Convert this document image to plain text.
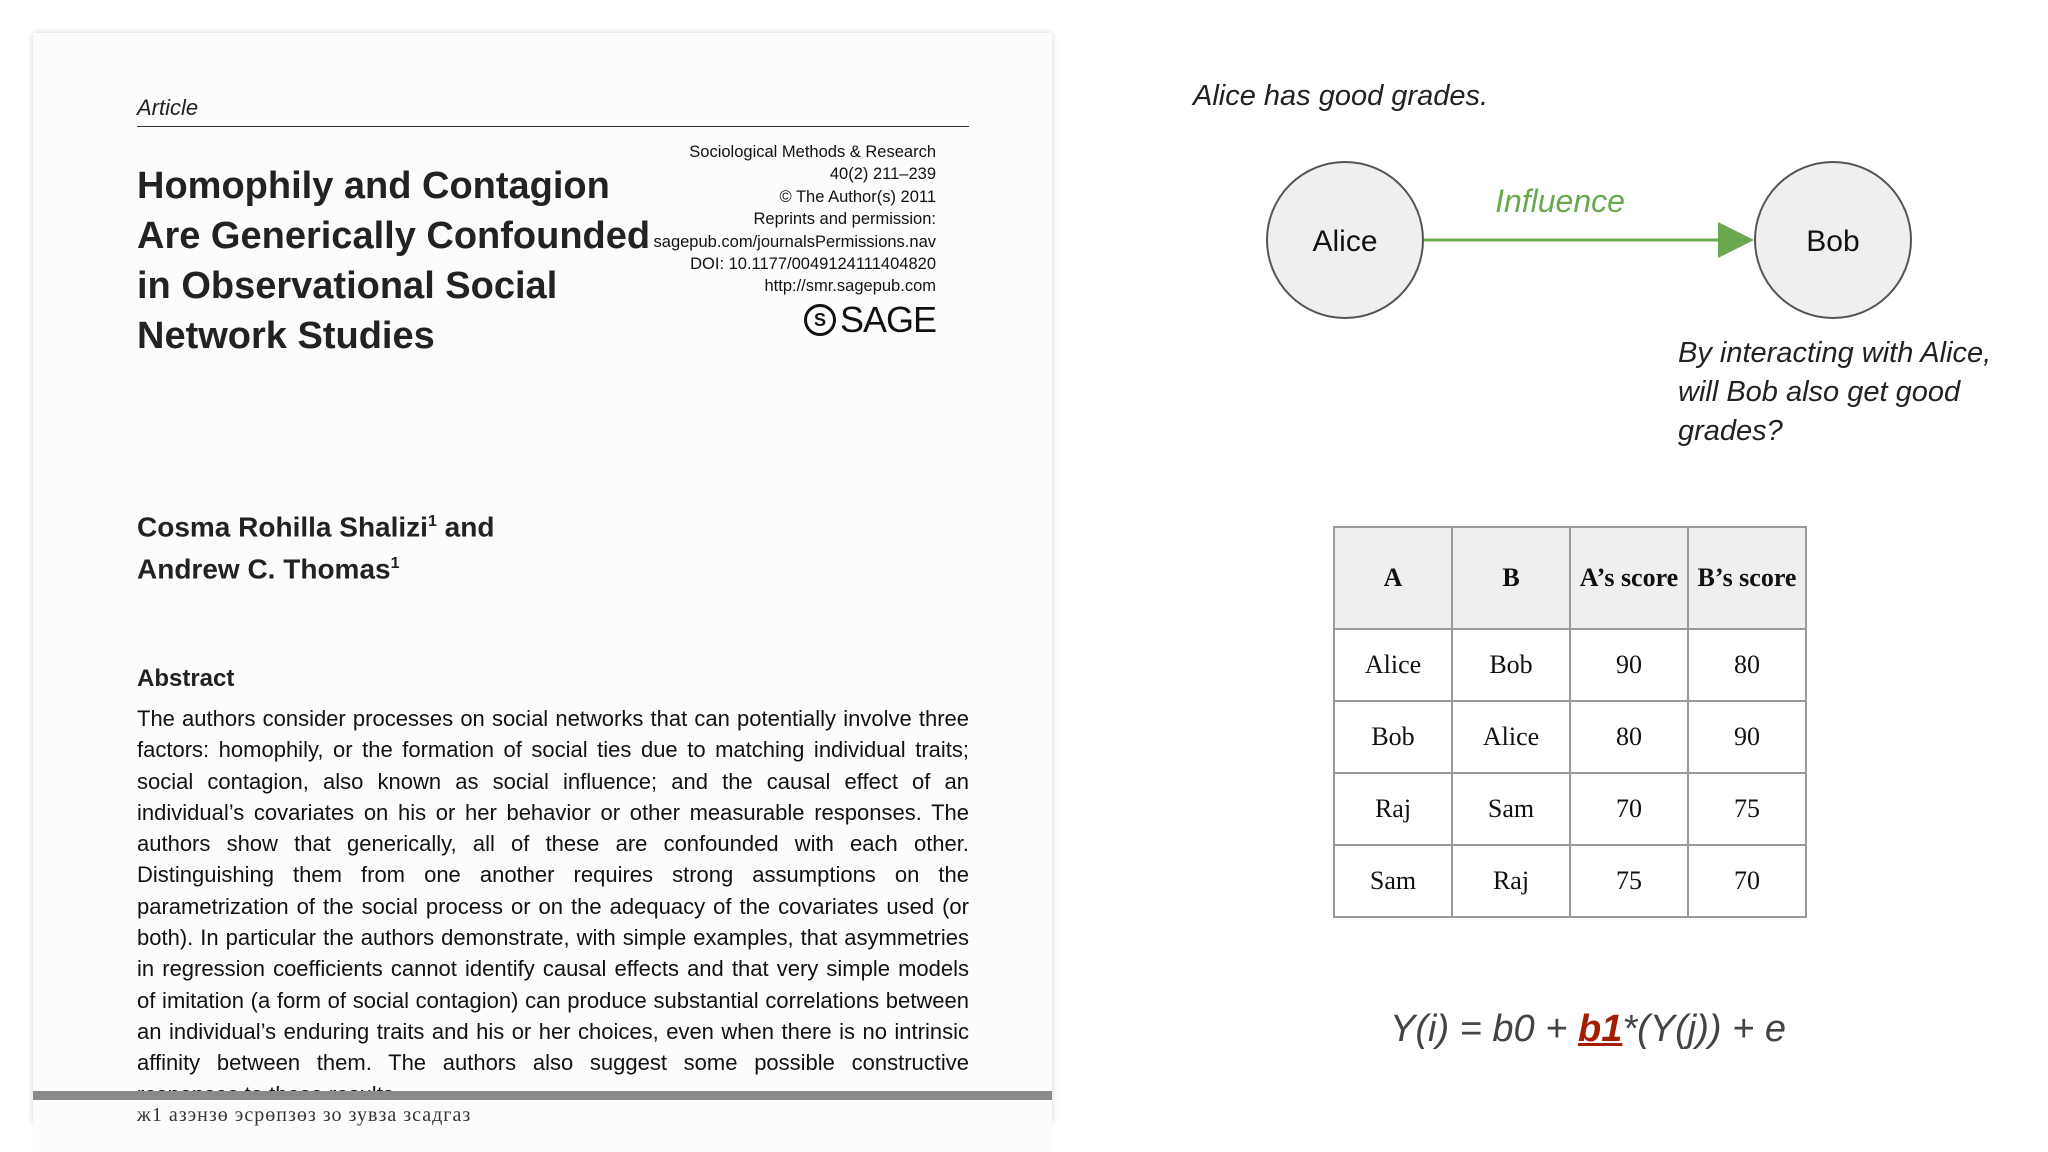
Article
Sociological Methods & Research
40(2) 211–239
© The Author(s) 2011
Reprints and permission:
sagepub.com/journalsPermissions.nav
DOI: 10.1177/0049124111404820
http://smr.sagepub.com
S SAGE
Homophily and Contagion Are Generically Confounded in Observational Social Network Studies
Cosma Rohilla Shalizi$^1$ and
Andrew C. Thomas$^1$
Abstract
The authors consider processes on social networks that can potentially involve three factors: homophily, or the formation of social ties due to matching individual traits; social contagion, also known as social influence; and the causal effect of an individual’s covariates on his or her behavior or other measurable responses. The authors show that generically, all of these are confounded with each other. Distinguishing them from one another requires strong assumptions on the parametrization of the social process or on the adequacy of the covariates used (or both). In particular the authors demonstrate, with simple examples, that asymmetries in regression coefficients cannot identify causal effects and that very simple models of imitation (a form of social contagion) can produce substantial correlations between an individual’s enduring traits and his or her choices, even when there is no intrinsic affinity between them. The authors also suggest some possible constructive
ж1 азэнзө эсрөпзөз зо зувза зсадгаз
Alice has good grades.
Influence
Alice	Bob
By interacting with Alice, will Bob also get good grades?
A	B	A’s score	B’s score
Alice	Bob	90	80
Bob	Alice	80	90
Raj	Sam	70	75
Sam	Raj	75	70
Y(i) = b0 + b1*(Y(j)) + e
